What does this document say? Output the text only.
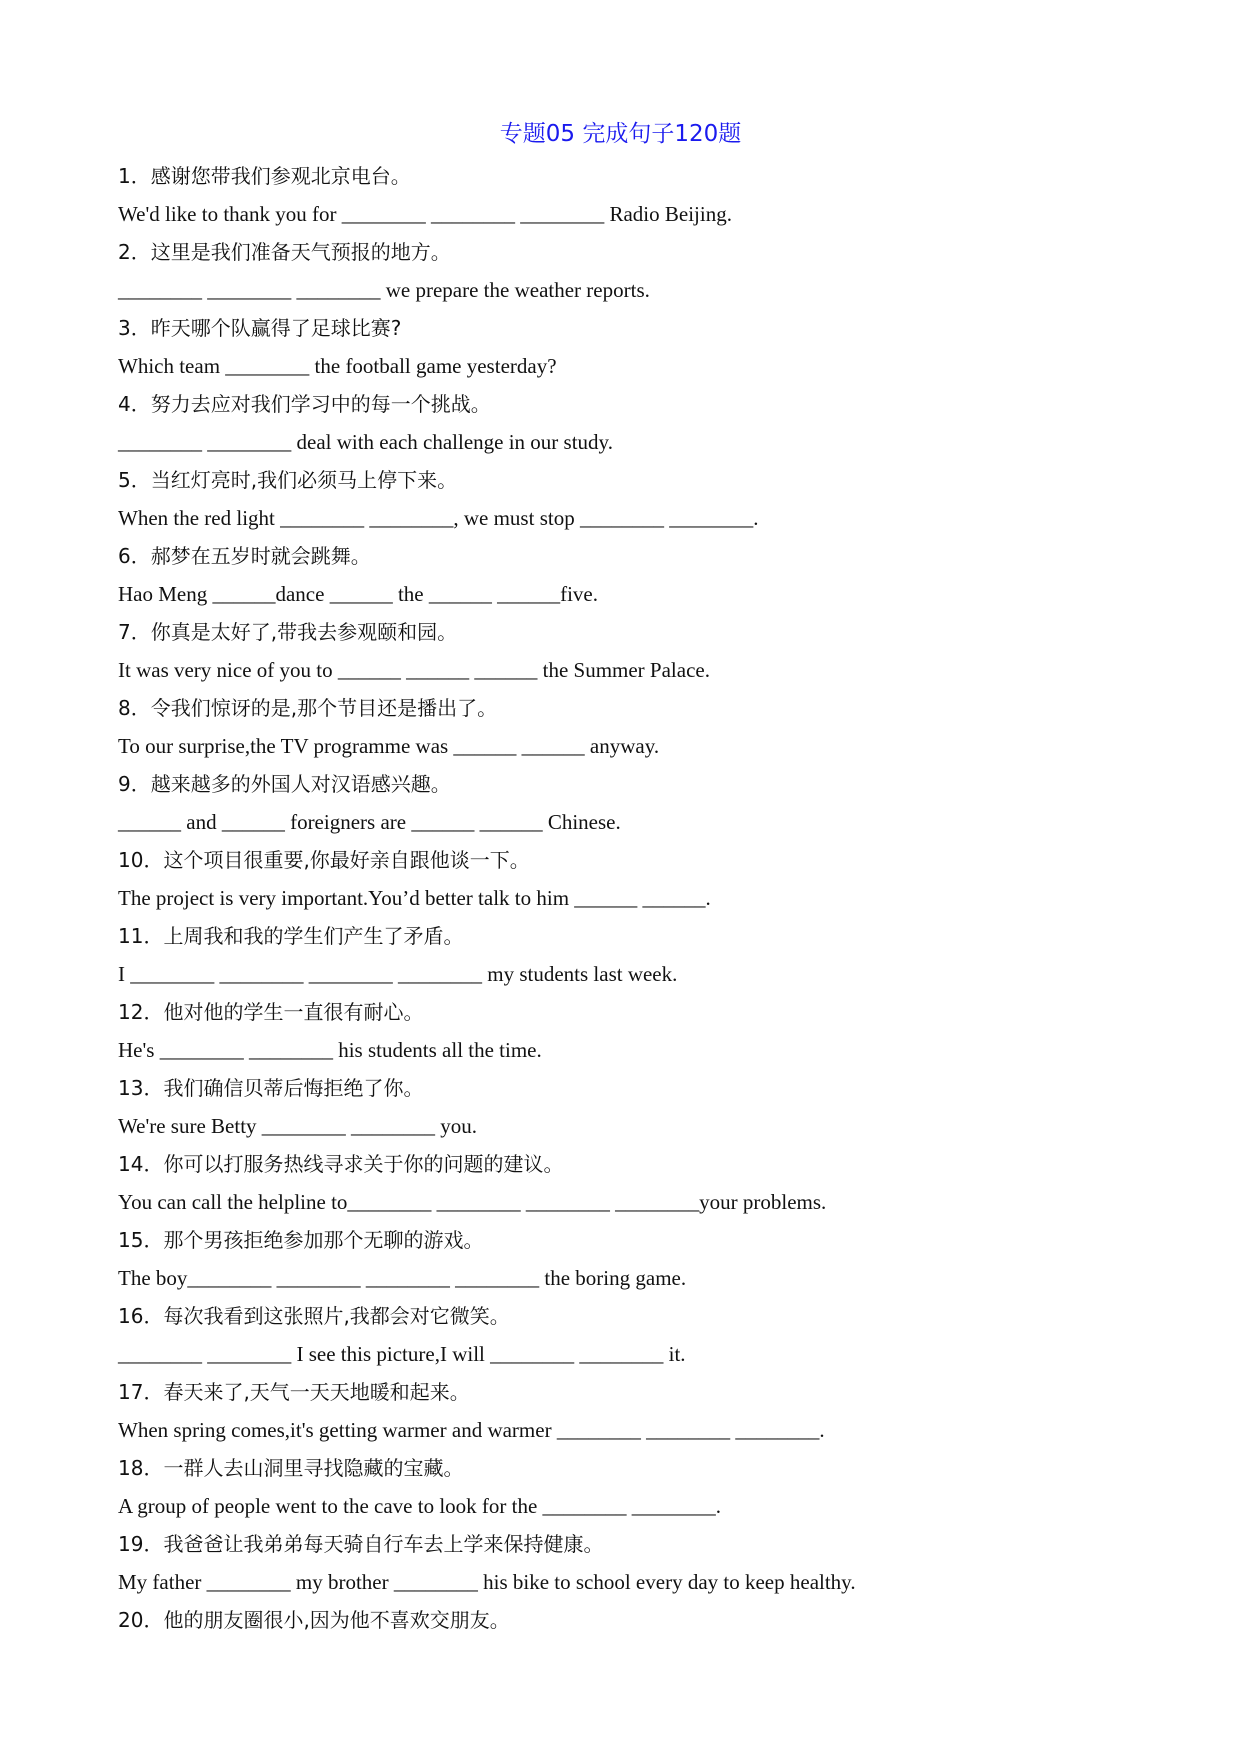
专题05 完成句子120题
1．感谢您带我们参观北京电台。
We'd like to thank you for ________ ________ ________ Radio Beijing.
2．这里是我们准备天气预报的地方。
________ ________ ________ we prepare the weather reports.
3．昨天哪个队赢得了足球比赛?
Which team ________ the football game yesterday?
4．努力去应对我们学习中的每一个挑战。
________ ________ deal with each challenge in our study.
5．当红灯亮时,我们必须马上停下来。
When the red light ________ ________, we must stop ________ ________.
6．郝梦在五岁时就会跳舞。
Hao Meng ______dance ______ the ______ ______five.
7．你真是太好了,带我去参观颐和园。
It was very nice of you to ______ ______ ______ the Summer Palace.
8．令我们惊讶的是,那个节目还是播出了。
To our surprise,the TV programme was ______ ______ anyway.
9．越来越多的外国人对汉语感兴趣。
______ and ______ foreigners are ______ ______ Chinese.
10．这个项目很重要,你最好亲自跟他谈一下。
The project is very important.You’d better talk to him ______ ______.
11．上周我和我的学生们产生了矛盾。
I ________ ________ ________ ________ my students last week.
12．他对他的学生一直很有耐心。
He's ________ ________ his students all the time.
13．我们确信贝蒂后悔拒绝了你。
We're sure Betty ________ ________ you.
14．你可以打服务热线寻求关于你的问题的建议。
You can call the helpline to________ ________ ________ ________your problems.
15．那个男孩拒绝参加那个无聊的游戏。
The boy________ ________ ________ ________ the boring game.
16．每次我看到这张照片,我都会对它微笑。
________ ________ I see this picture,I will ________ ________ it.
17．春天来了,天气一天天地暖和起来。
When spring comes,it's getting warmer and warmer ________ ________ ________.
18．一群人去山洞里寻找隐藏的宝藏。
A group of people went to the cave to look for the ________ ________.
19．我爸爸让我弟弟每天骑自行车去上学来保持健康。
My father ________ my brother ________ his bike to school every day to keep healthy.
20．他的朋友圈很小,因为他不喜欢交朋友。
